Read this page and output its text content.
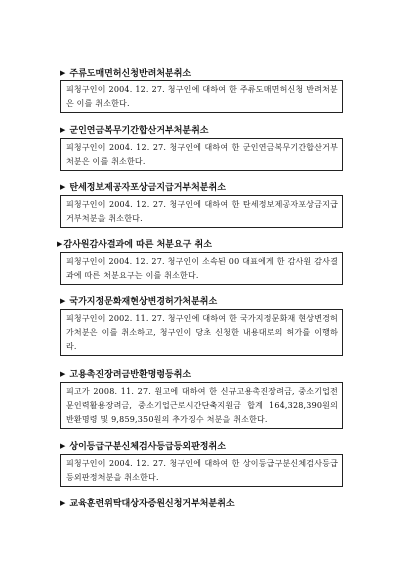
▶ 주류도매면허신청반려처분취소
피청구인이 2004. 12. 27. 청구인에 대하여 한 주류도매면허신청 반려처분은 이를 취소한다.
▶ 군인연금복무기간합산거부처분취소
피청구인이 2004. 12. 27. 청구인에 대하여 한 군인연금복무기간합산거부처분은 이를 취소한다.
▶ 탄세정보제공자포상금지급거부처분취소
피청구인이 2004. 12. 27. 청구인에 대하여 한 탄세정보제공자포상금지급거부처분을 취소한다.
▶감사원감사결과에 따른 처분요구 취소
피청구인이 2004. 12. 27. 청구인이 소속된 00 대표에게 한 감사원 감사결과에 따른 처분요구는 이를 취소한다.
▶ 국가지정문화재현상변경허가처분취소
피청구인이 2002. 11. 27. 청구인에 대하여 한 국가지정문화재 현상변경허가처분은 이를 취소하고, 청구인이 당초 신청한 내용대로의 허가를 이행하라.
▶ 고용촉진장려금반환명령등취소
피고가 2008. 11. 27. 원고에 대하여 한 신규고용촉진장려금, 중소기업전문인력활용장려금, 중소기업근로시간단축지원금 합계 164,328,390원의 반환명령 및 9,859,350원의 추가징수 처분을 취소한다.
▶ 상이등급구분신체검사등급등외판정취소
피청구인이 2004. 12. 27. 청구인에 대하여 한 상이등급구분신체검사등급등외판정처분을 취소한다.
▶ 교육훈련위탁대상자증원신청거부처분취소
